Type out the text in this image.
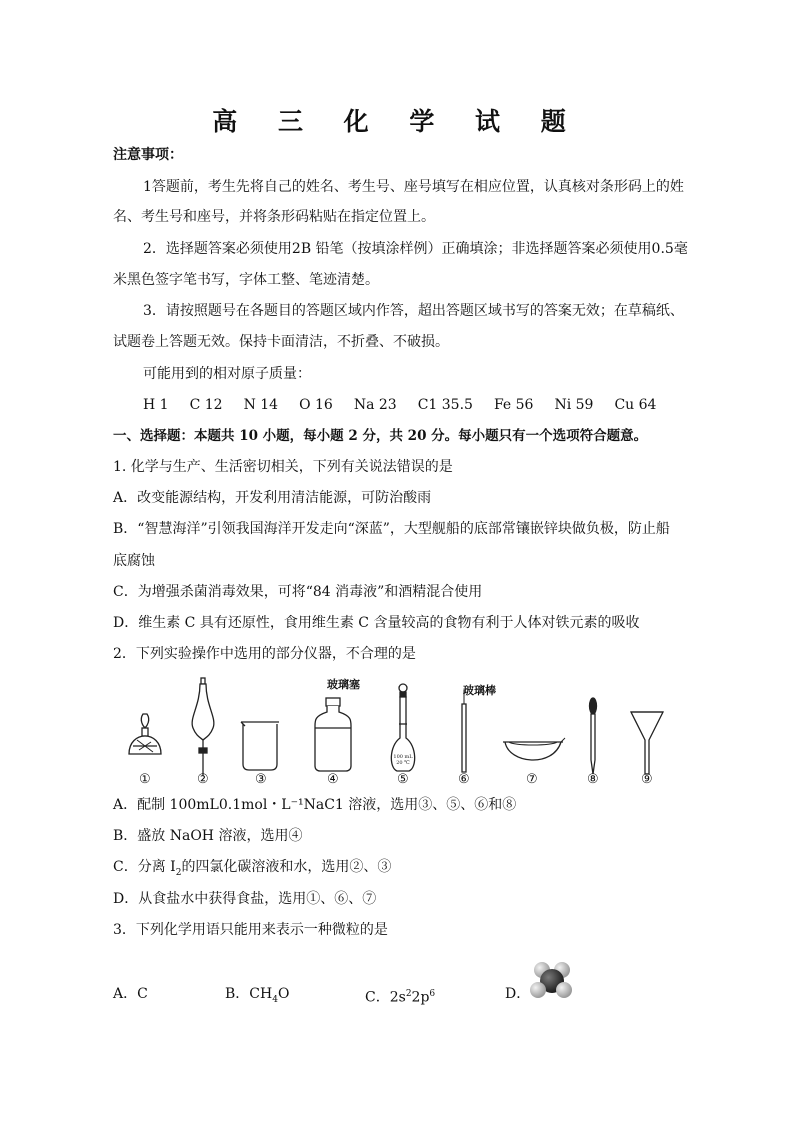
高 三 化 学 试 题
注意事项：
1答题前，考生先将自己的姓名、考生号、座号填写在相应位置，认真核对条形码上的姓
名、考生号和座号，并将条形码粘贴在指定位置上。
2．选择题答案必须使用2B 铅笔（按填涂样例）正确填涂；非选择题答案必须使用0.5毫
米黑色签字笔书写，字体工整、笔迹清楚。
3．请按照题号在各题目的答题区域内作答，超出答题区域书写的答案无效；在草稿纸、
试题卷上答题无效。保持卡面清洁，不折叠、不破损。
可能用到的相对原子质量：
H 1 C 12 N 14 O 16 Na 23 C1 35.5 Fe 56 Ni 59 Cu 64
一、选择题：本题共 10 小题，每小题 2 分，共 20 分。每小题只有一个选项符合题意。
1. 化学与生产、生活密切相关，下列有关说法错误的是
A．改变能源结构，开发利用清洁能源，可防治酸雨
B．“智慧海洋”引领我国海洋开发走向“深蓝”，大型舰船的底部常镶嵌锌块做负极，防止船
底腐蚀
C．为增强杀菌消毒效果，可将“84 消毒液”和酒精混合使用
D．维生素 C 具有还原性，食用维生素 C 含量较高的食物有利于人体对铁元素的吸收
2．下列实验操作中选用的部分仪器，不合理的是
100 mL
20 ℃
玻璃塞	玻璃棒
①	②	③	④	⑤	⑥	⑦	⑧	⑨
A．配制 100mL0.1mol・L⁻¹NaC1 溶液，选用③、⑤、⑥和⑧
B．盛放 NaOH 溶液，选用④
C．分离 $I_2$的四氯化碳溶液和水，选用②、③
D．从食盐水中获得食盐，选用①、⑥、⑦
3．下列化学用语只能用来表示一种微粒的是
A．C	B．$CH_4O$	C．$2s^22p^6$	D．
